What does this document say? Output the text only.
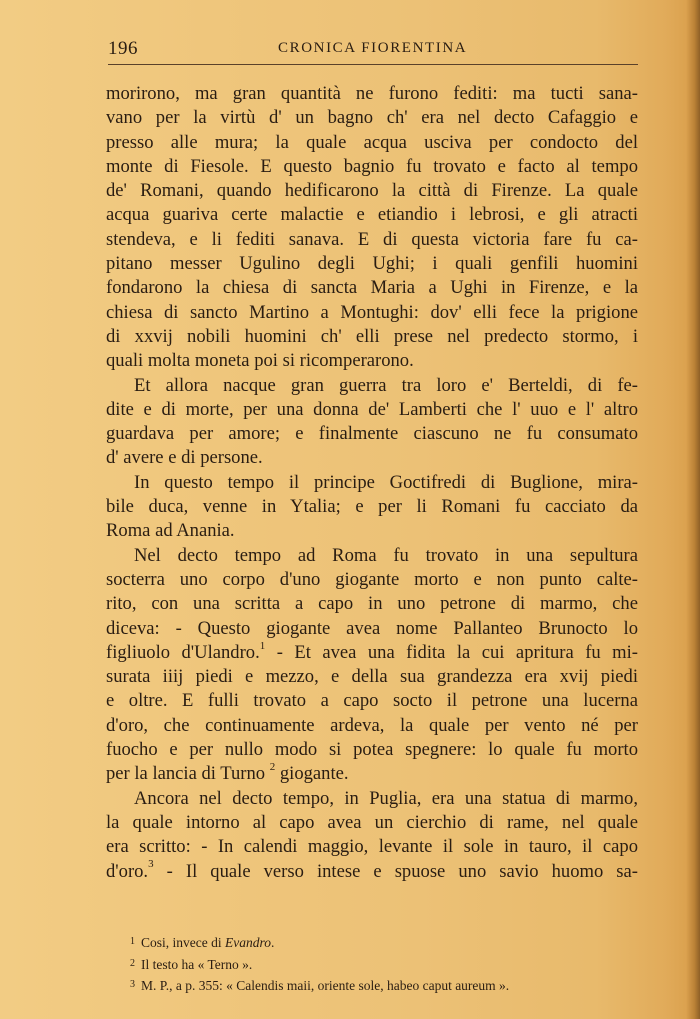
196	CRONICA FIORENTINA
morirono, ma gran quantità ne furono fediti: ma tucti sana-
vano per la virtù d' un bagno ch' era nel decto Cafaggio e
presso alle mura; la quale acqua usciva per condocto del
monte di Fiesole. E questo bagnio fu trovato e facto al tempo
de' Romani, quando hedificarono la città di Firenze. La quale
acqua guariva certe malactie e etiandio i lebrosi, e gli atracti
stendeva, e li fediti sanava. E di questa victoria fare fu ca-
pitano messer Ugulino degli Ughi; i quali genfili huomini
fondarono la chiesa di sancta Maria a Ughi in Firenze, e la
chiesa di sancto Martino a Montughi: dov' elli fece la prigione
di xxvij nobili huomini ch' elli prese nel predecto stormo, i
quali molta moneta poi si ricomperarono.
Et allora nacque gran guerra tra loro e' Berteldi, di fe-
dite e di morte, per una donna de' Lamberti che l' uuo e l' altro
guardava per amore; e finalmente ciascuno ne fu consumato
d' avere e di persone.
In questo tempo il principe Goctifredi di Buglione, mira-
bile duca, venne in Ytalia; e per li Romani fu cacciato da
Roma ad Anania.
Nel decto tempo ad Roma fu trovato in una sepultura
socterra uno corpo d'uno giogante morto e non punto calte-
rito, con una scritta a capo in uno petrone di marmo, che
diceva: - Questo giogante avea nome Pallanteo Brunocto lo
figliuolo d'Ulandro.$^1$ - Et avea una fidita la cui apritura fu mi-
surata iiij piedi e mezzo, e della sua grandezza era xvij piedi
e oltre. E fulli trovato a capo socto il petrone una lucerna
d'oro, che continuamente ardeva, la quale per vento né per
fuocho e per nullo modo si potea spegnere: lo quale fu morto
per la lancia di Turno $^2$ giogante.
Ancora nel decto tempo, in Puglia, era una statua di marmo,
la quale intorno al capo avea un cierchio di rame, nel quale
era scritto: - In calendi maggio, levante il sole in tauro, il capo
d'oro.$^3$ - Il quale verso intese e spuose uno savio huomo sa-
$^1$ Cosi, invece di Evandro.
$^2$ Il testo ha « Terno ».
$^3$ M. P., a p. 355: « Calendis maii, oriente sole, habeo caput aureum ».
